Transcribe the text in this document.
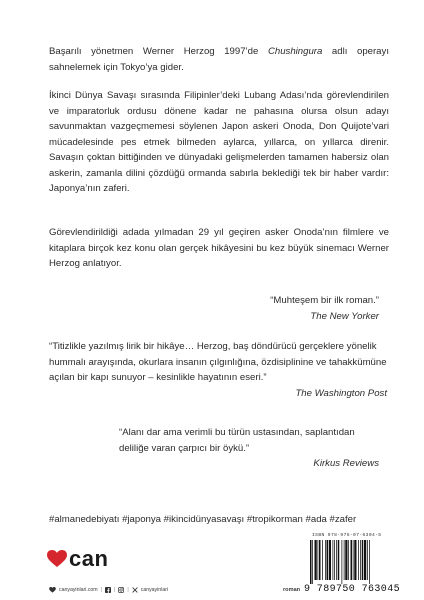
Başarılı yönetmen Werner Herzog 1997’de Chushingura adlı operayı sahnelemek için Tokyo’ya gider.

İkinci Dünya Savaşı sırasında Filipinler’deki Lubang Adası’nda görevlendirilen ve imparatorluk ordusu dönene kadar ne pahasına olursa olsun adayı savunmaktan vazgeçmemesi söylenen Japon askeri Onoda, Don Quijote’vari mücadelesinde pes etmek bilmeden aylarca, yıllarca, on yıllarca direnir. Savaşın çoktan bittiğinden ve dünyadaki gelişmelerden tamamen habersiz olan askerin, zamanla dilini çözdüğü ormanda sabırla beklediği tek bir haber vardır: Japonya’nın zaferi.

Görevlendirildiği adada yılmadan 29 yıl geçiren asker Onoda’nın filmlere ve kitaplara birçok kez konu olan gerçek hikâyesini bu kez büyük sinemacı Werner Herzog anlatıyor.

“Muhteşem bir ilk roman.”
The New Yorker
“Titizlikle yazılmış lirik bir hikâye… Herzog, baş döndürücü gerçeklere yönelik hummalı arayışında, okurlara insanın çılgınlığına, özdisiplinine ve tahakkümüne açılan bir kapı sunuyor – kesinlikle hayatının eseri.”
The Washington Post
“Alanı dar ama verimli bu türün ustasından, saplantıdan deliliğe varan çarpıcı bir öykü.”
Kirkus Reviews
#almanedebiyatı #japonya #ikincidünyasavaşı #tropikorman #ada #zafer
can
canyayinlari.com | | | canyayinlari	roman
ISBN 978-975-07-6304-5
9 789750 763045
